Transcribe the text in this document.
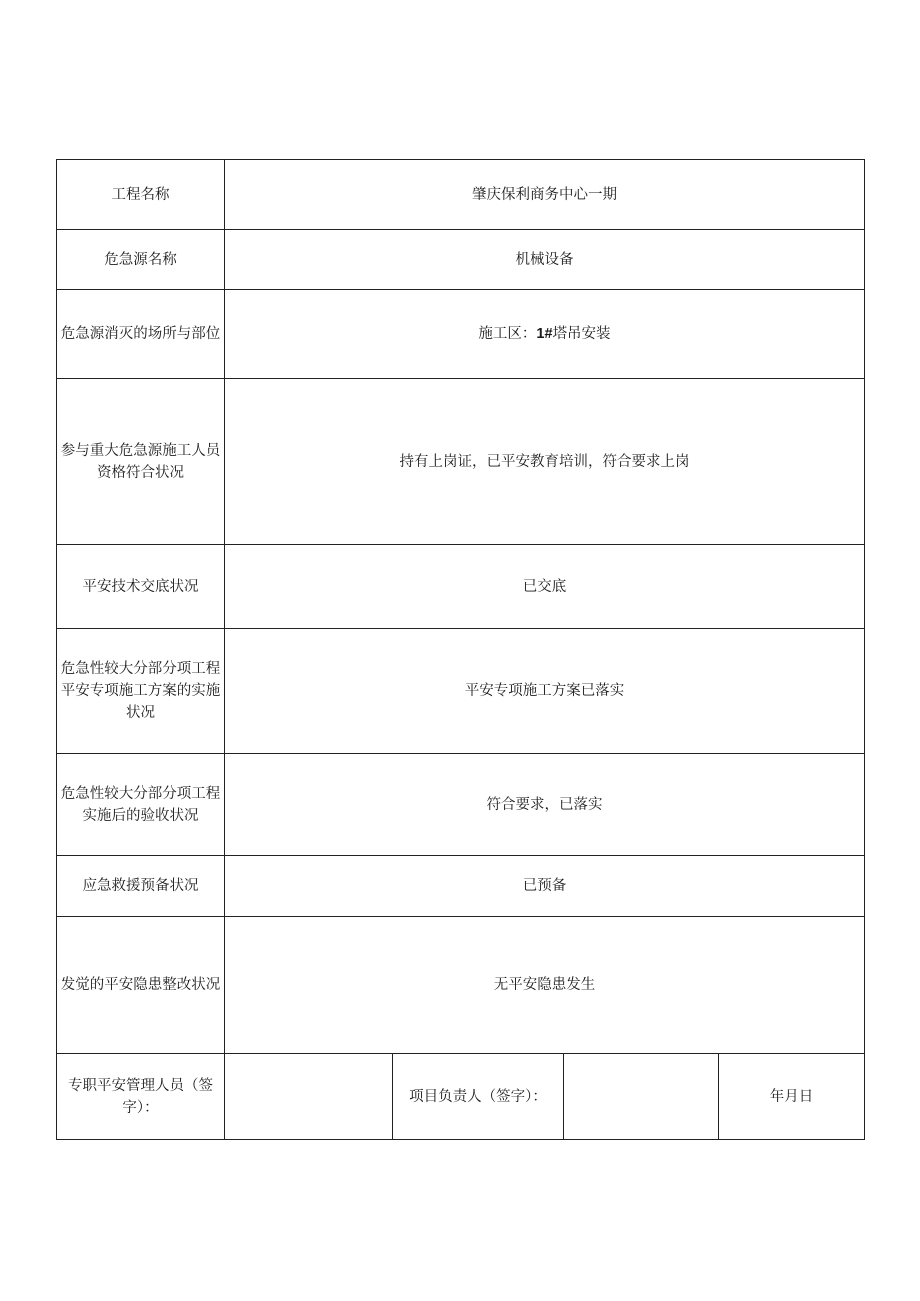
工程名称	肇庆保利商务中心一期			
危急源名称	机械设备			
危急源消灭的场所与部位	施工区：1#塔吊安装			
参与重大危急源施工人员资格符合状况	持有上岗证，已平安教育培训，符合要求上岗			
平安技术交底状况	已交底			
危急性较大分部分项工程平安专项施工方案的实施状况	平安专项施工方案已落实			
危急性较大分部分项工程实施后的验收状况	符合要求，已落实			
应急救援预备状况	已预备			
发觉的平安隐患整改状况	无平安隐患发生			
专职平安管理人员（签字）：		项目负责人（签字）：		年月日
